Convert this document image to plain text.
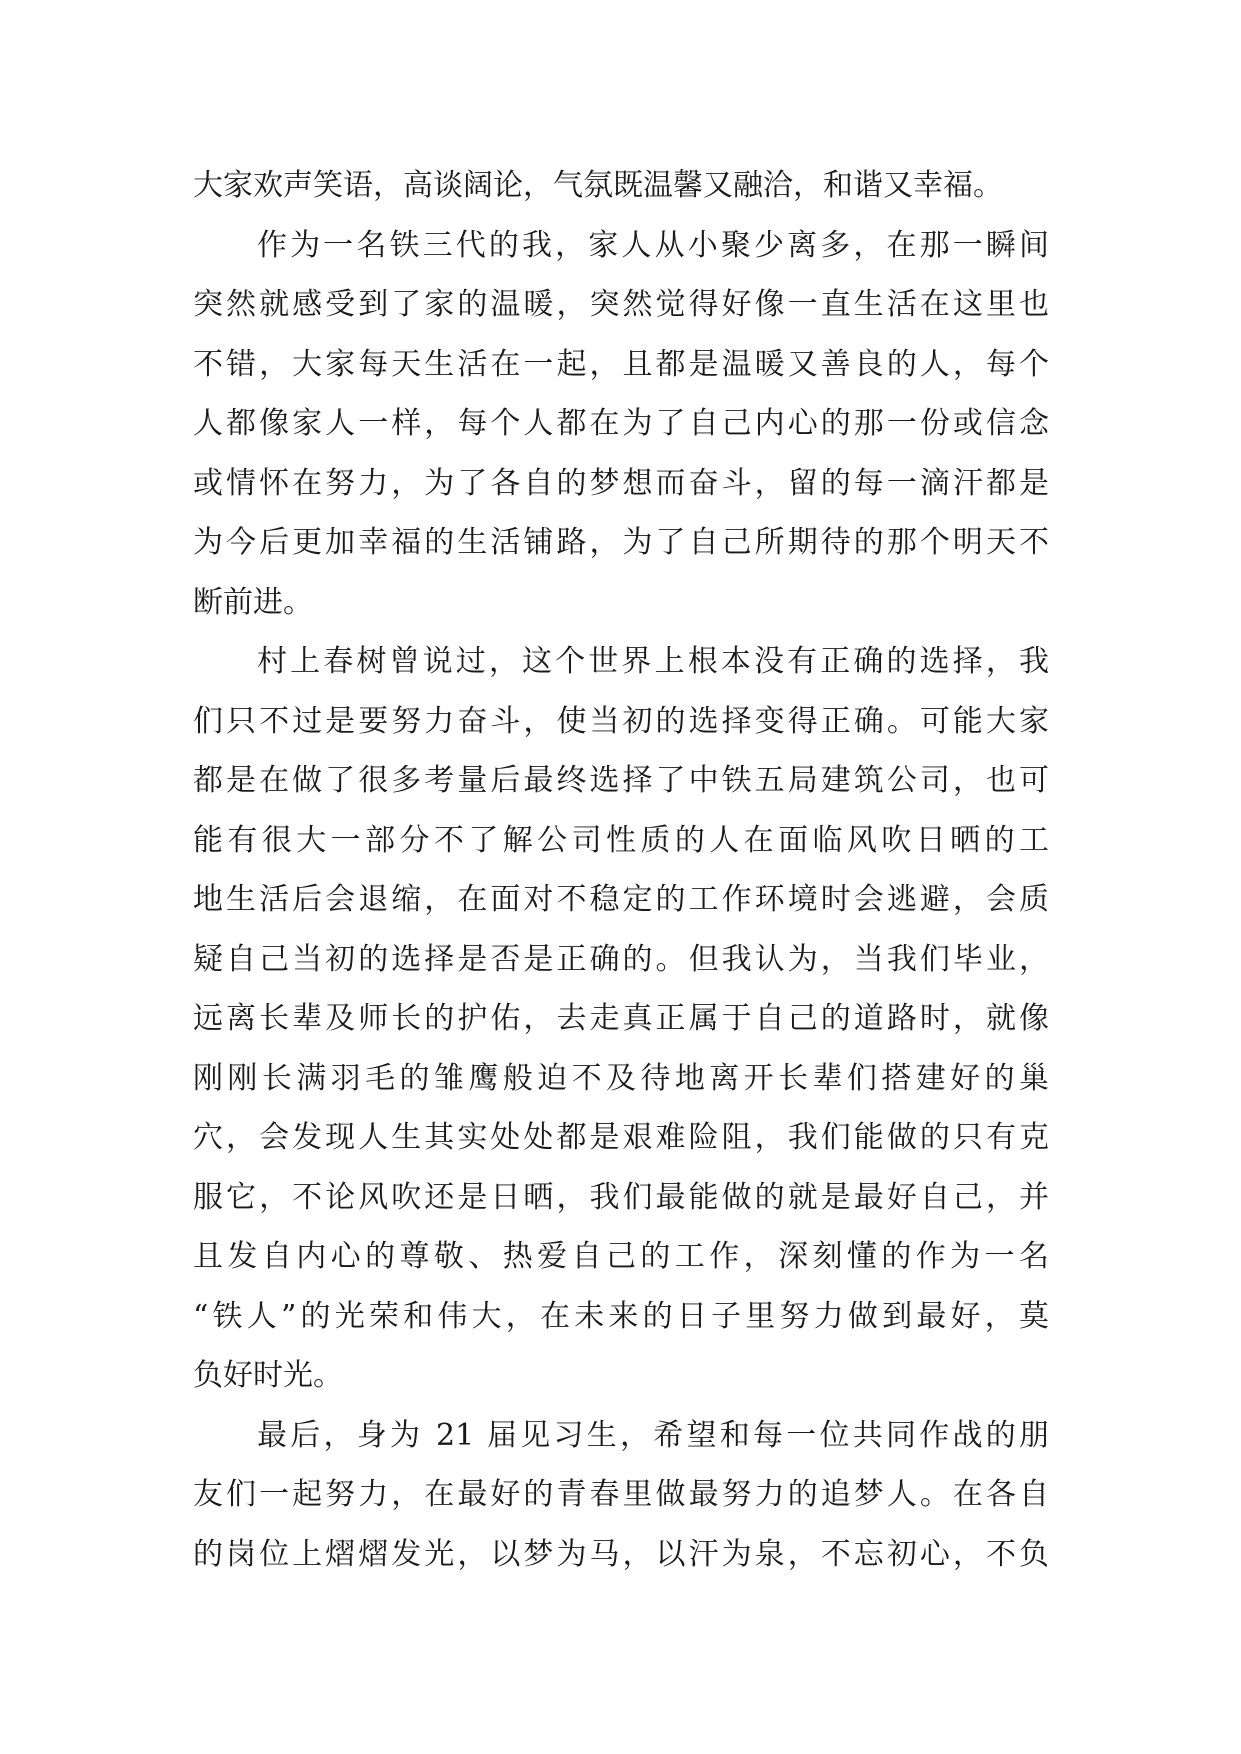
大家欢声笑语，高谈阔论，气氛既温馨又融洽，和谐又幸福。
作为一名铁三代的我，家人从小聚少离多，在那一瞬间
突然就感受到了家的温暖，突然觉得好像一直生活在这里也
不错，大家每天生活在一起，且都是温暖又善良的人，每个
人都像家人一样，每个人都在为了自己内心的那一份或信念
或情怀在努力，为了各自的梦想而奋斗，留的每一滴汗都是
为今后更加幸福的生活铺路，为了自己所期待的那个明天不
断前进。
村上春树曾说过，这个世界上根本没有正确的选择，我
们只不过是要努力奋斗，使当初的选择变得正确。可能大家
都是在做了很多考量后最终选择了中铁五局建筑公司，也可
能有很大一部分不了解公司性质的人在面临风吹日晒的工
地生活后会退缩，在面对不稳定的工作环境时会逃避，会质
疑自己当初的选择是否是正确的。但我认为，当我们毕业，
远离长辈及师长的护佑，去走真正属于自己的道路时，就像
刚刚长满羽毛的雏鹰般迫不及待地离开长辈们搭建好的巢
穴，会发现人生其实处处都是艰难险阻，我们能做的只有克
服它，不论风吹还是日晒，我们最能做的就是最好自己，并
且发自内心的尊敬、热爱自己的工作，深刻懂的作为一名
“铁人”的光荣和伟大，在未来的日子里努力做到最好，莫
负好时光。
最后，身为 21 届见习生，希望和每一位共同作战的朋
友们一起努力，在最好的青春里做最努力的追梦人。在各自
的岗位上熠熠发光，以梦为马，以汗为泉，不忘初心，不负
